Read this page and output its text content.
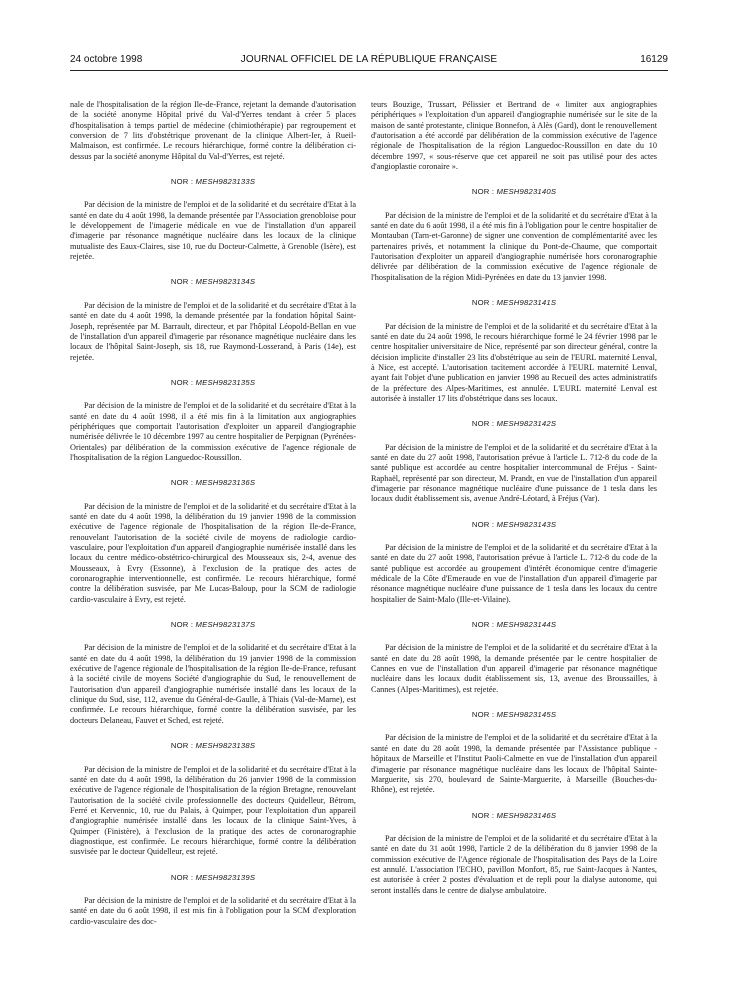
24 octobre 1998	JOURNAL OFFICIEL DE LA RÉPUBLIQUE FRANÇAISE	16129

nale de l'hospitalisation de la région Ile-de-France, rejetant la demande d'autorisation de la société anonyme Hôpital privé du Val-d'Yerres tendant à créer 5 places d'hospitalisation à temps partiel de médecine (chimiothérapie) par regroupement et conversion de 7 lits d'obstétrique provenant de la clinique Albert-Ier, à Rueil-Malmaison, est confirmée. Le recours hiérarchique, formé contre la délibération ci-dessus par la société anonyme Hôpital du Val-d'Yerres, est rejeté.

NOR : MESH9823133S

Par décision de la ministre de l'emploi et de la solidarité et du secrétaire d'Etat à la santé en date du 4 août 1998, la demande présentée par l'Association grenobloise pour le développement de l'imagerie médicale en vue de l'installation d'un appareil d'imagerie par résonance magnétique nucléaire dans les locaux de la clinique mutualiste des Eaux-Claires, sise 10, rue du Docteur-Calmette, à Grenoble (Isère), est rejetée.

NOR : MESH9823134S

Par décision de la ministre de l'emploi et de la solidarité et du secrétaire d'Etat à la santé en date du 4 août 1998, la demande présentée par la fondation hôpital Saint-Joseph, représentée par M. Barrault, directeur, et par l'hôpital Léopold-Bellan en vue de l'installation d'un appareil d'imagerie par résonance magnétique nucléaire dans les locaux de l'hôpital Saint-Joseph, sis 18, rue Raymond-Losserand, à Paris (14e), est rejetée.

NOR : MESH9823135S

Par décision de la ministre de l'emploi et de la solidarité et du secrétaire d'Etat à la santé en date du 4 août 1998, il a été mis fin à la limitation aux angiographies périphériques que comportait l'autorisation d'exploiter un appareil d'angiographie numérisée délivrée le 10 décembre 1997 au centre hospitalier de Perpignan (Pyrénées-Orientales) par délibération de la commission exécutive de l'agence régionale de l'hospitalisation de la région Languedoc-Roussillon.

NOR : MESH9823136S

Par décision de la ministre de l'emploi et de la solidarité et du secrétaire d'Etat à la santé en date du 4 août 1998, la délibération du 19 janvier 1998 de la commission exécutive de l'agence régionale de l'hospitalisation de la région Ile-de-France, renouvelant l'autorisation de la société civile de moyens de radiologie cardio-vasculaire, pour l'exploitation d'un appareil d'angiographie numérisée installé dans les locaux du centre médico-obstétrico-chirurgical des Mousseaux sis, 2-4, avenue des Mousseaux, à Evry (Essonne), à l'exclusion de la pratique des actes de coronarographie interventionnelle, est confirmée. Le recours hiérarchique, formé contre la délibération susvisée, par Me Lucas-Baloup, pour la SCM de radiologie cardio-vasculaire à Evry, est rejeté.

NOR : MESH9823137S

Par décision de la ministre de l'emploi et de la solidarité et du secrétaire d'Etat à la santé en date du 4 août 1998, la délibération du 19 janvier 1998 de la commission exécutive de l'agence régionale de l'hospitalisation de la région Ile-de-France, refusant à la société civile de moyens Société d'angiographie du Sud, le renouvellement de l'autorisation d'un appareil d'angiographie numérisée installé dans les locaux de la clinique du Sud, sise, 112, avenue du Général-de-Gaulle, à Thiais (Val-de-Marne), est confirmée. Le recours hiérarchique, formé contre la délibération susvisée, par les docteurs Delaneau, Fauvet et Sched, est rejeté.

NOR : MESH9823138S

Par décision de la ministre de l'emploi et de la solidarité et du secrétaire d'Etat à la santé en date du 4 août 1998, la délibération du 26 janvier 1998 de la commission exécutive de l'agence régionale de l'hospitalisation de la région Bretagne, renouvelant l'autorisation de la société civile professionnelle des docteurs Quidelleur, Bétrom, Ferré et Kervennic, 10, rue du Palais, à Quimper, pour l'exploitation d'un appareil d'angiographie numérisée installé dans les locaux de la clinique Saint-Yves, à Quimper (Finistère), à l'exclusion de la pratique des actes de coronarographie diagnostique, est confirmée. Le recours hiérarchique, formé contre la délibération susvisée par le docteur Quidelleur, est rejeté.

NOR : MESH9823139S

Par décision de la ministre de l'emploi et de la solidarité et du secrétaire d'Etat à la santé en date du 6 août 1998, il est mis fin à l'obligation pour la SCM d'exploration cardio-vasculaire des doc-

teurs Bouzige, Trussart, Pélissier et Bertrand de « limiter aux angiographies périphériques » l'exploitation d'un appareil d'angiographie numérisée sur le site de la maison de santé protestante, clinique Bonnefon, à Alès (Gard), dont le renouvellement d'autorisation a été accordé par délibération de la commission exécutive de l'agence régionale de l'hospitalisation de la région Languedoc-Roussillon en date du 10 décembre 1997, « sous-réserve que cet appareil ne soit pas utilisé pour des actes d'angioplastie coronaire ».

NOR : MESH9823140S

Par décision de la ministre de l'emploi et de la solidarité et du secrétaire d'Etat à la santé en date du 6 août 1998, il a été mis fin à l'obligation pour le centre hospitalier de Montauban (Tarn-et-Garonne) de signer une convention de complémentarité avec les partenaires privés, et notamment la clinique du Pont-de-Chaume, que comportait l'autorisation d'exploiter un appareil d'angiographie numérisée hors coronarographie délivrée par délibération de la commission exécutive de l'agence régionale de l'hospitalisation de la région Midi-Pyrénées en date du 13 janvier 1998.

NOR : MESH9823141S

Par décision de la ministre de l'emploi et de la solidarité et du secrétaire d'Etat à la santé en date du 24 août 1998, le recours hiérarchique formé le 24 février 1998 par le centre hospitalier universitaire de Nice, représenté par son directeur général, contre la décision implicite d'installer 23 lits d'obstétrique au sein de l'EURL maternité Lenval, à Nice, est accepté. L'autorisation tacitement accordée à l'EURL maternité Lenval, ayant fait l'objet d'une publication en janvier 1998 au Recueil des actes administratifs de la préfecture des Alpes-Maritimes, est annulée. L'EURL maternité Lenval est autorisée à installer 17 lits d'obstétrique dans ses locaux.

NOR : MESH9823142S

Par décision de la ministre de l'emploi et de la solidarité et du secrétaire d'Etat à la santé en date du 27 août 1998, l'autorisation prévue à l'article L. 712-8 du code de la santé publique est accordée au centre hospitalier intercommunal de Fréjus - Saint-Raphaël, représenté par son directeur, M. Prandt, en vue de l'installation d'un appareil d'imagerie par résonance magnétique nucléaire d'une puissance de 1 tesla dans les locaux dudit établissement sis, avenue André-Léotard, à Fréjus (Var).

NOR : MESH9823143S

Par décision de la ministre de l'emploi et de la solidarité et du secrétaire d'Etat à la santé en date du 27 août 1998, l'autorisation prévue à l'article L. 712-8 du code de la santé publique est accordée au groupement d'intérêt économique centre d'imagerie médicale de la Côte d'Emeraude en vue de l'installation d'un appareil d'imagerie par résonance magnétique nucléaire d'une puissance de 1 tesla dans les locaux du centre hospitalier de Saint-Malo (Ille-et-Vilaine).

NOR : MESH9823144S

Par décision de la ministre de l'emploi et de la solidarité et du secrétaire d'Etat à la santé en date du 28 août 1998, la demande présentée par le centre hospitalier de Cannes en vue de l'installation d'un appareil d'imagerie par résonance magnétique nucléaire dans les locaux dudit établissement sis, 13, avenue des Broussailles, à Cannes (Alpes-Maritimes), est rejetée.

NOR : MESH9823145S

Par décision de la ministre de l'emploi et de la solidarité et du secrétaire d'Etat à la santé en date du 28 août 1998, la demande présentée par l'Assistance publique - hôpitaux de Marseille et l'Institut Paoli-Calmette en vue de l'installation d'un appareil d'imagerie par résonance magnétique nucléaire dans les locaux de l'hôpital Sainte-Marguerite, sis 270, boulevard de Sainte-Marguerite, à Marseille (Bouches-du-Rhône), est rejetée.

NOR : MESH9823146S

Par décision de la ministre de l'emploi et de la solidarité et du secrétaire d'Etat à la santé en date du 31 août 1998, l'article 2 de la délibération du 8 janvier 1998 de la commission exécutive de l'Agence régionale de l'hospitalisation des Pays de la Loire est annulé. L'association l'ECHO, pavillon Monfort, 85, rue Saint-Jacques à Nantes, est autorisée à créer 2 postes d'évaluation et de repli pour la dialyse autonome, qui seront installés dans le centre de dialyse ambulatoire.
